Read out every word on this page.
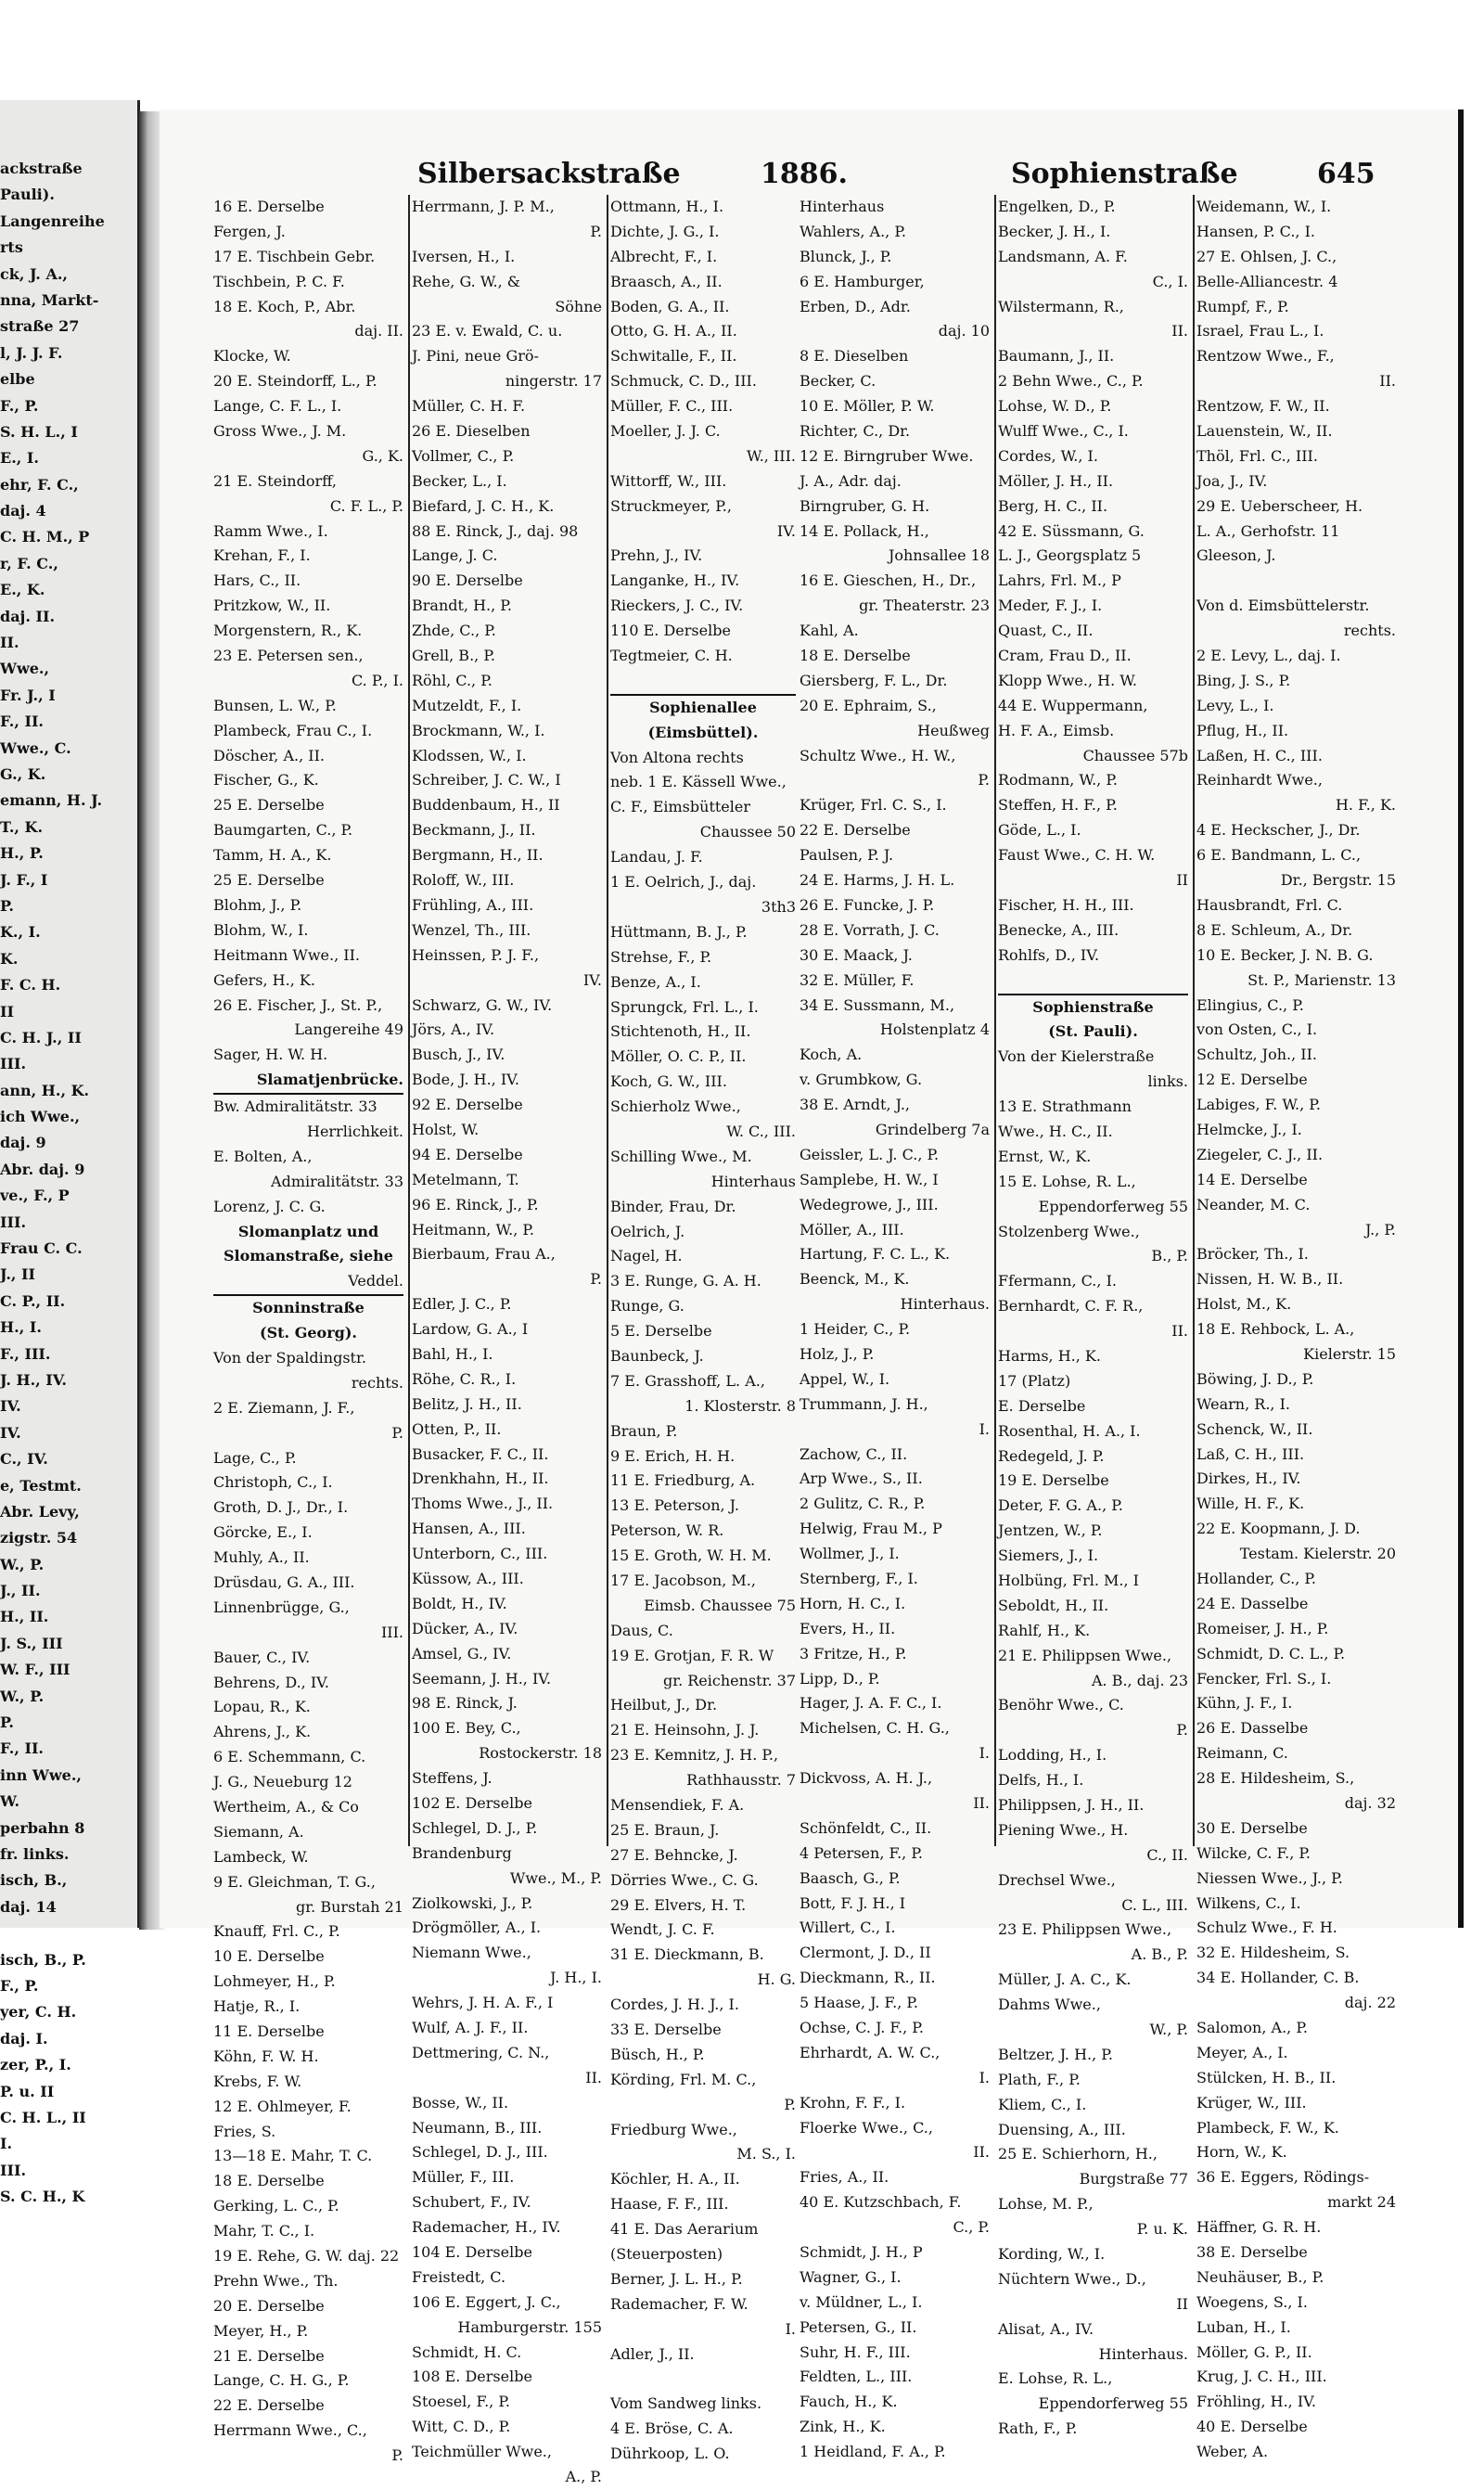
ackstraße
Pauli).
Langenreihe
rts
ck, J. A.,
nna, Markt-
straße 27
l, J. J. F.
elbe
F., P.
S. H. L., I
E., I.
ehr, F. C.,
daj. 4
C. H. M., P
r, F. C.,
E., K.
daj. II.
II.
Wwe.,
Fr. J., I
F., II.
Wwe., C.
G., K.
emann, H. J.
T., K.
H., P.
J. F., I
P.
K., I.
K.
F. C. H.
II
C. H. J., II
III.
ann, H., K.
ich Wwe.,
daj. 9
Abr. daj. 9
ve., F., P
III.
Frau C. C.
J., II
C. P., II.
H., I.
F., III.
J. H., IV.
IV.
IV.
C., IV.
e, Testmt.
Abr. Levy,
zigstr. 54
W., P.
J., II.
H., II.
J. S., III
W. F., III
W., P.
P.
F., II.
inn Wwe.,
W.
perbahn 8
fr. links.
isch, B.,
daj. 14
isch, B., P.
F., P.
yer, C. H.
daj. I.
zer, P., I.
P. u. II
C. H. L., II
I.
III.
S. C. H., K
Silbersackstraße	1886.	Sophienstraße	645
16 E. Derselbe
Fergen, J.
17 E. Tischbein Gebr.
Tischbein, P. C. F.
18 E. Koch, P., Abr.
daj. II.
Klocke, W.
20 E. Steindorff, L., P.
Lange, C. F. L., I.
Gross Wwe., J. M.
G., K.
21 E. Steindorff,
C. F. L., P.
Ramm Wwe., I.
Krehan, F., I.
Hars, C., II.
Pritzkow, W., II.
Morgenstern, R., K.
23 E. Petersen sen.,
C. P., I.
Bunsen, L. W., P.
Plambeck, Frau C., I.
Döscher, A., II.
Fischer, G., K.
25 E. Derselbe
Baumgarten, C., P.
Tamm, H. A., K.
25 E. Derselbe
Blohm, J., P.
Blohm, W., I.
Heitmann Wwe., II.
Gefers, H., K.
26 E. Fischer, J., St. P.,
Langereihe 49
Sager, H. W. H.
Slamatjenbrücke.
Bw. Admiralitätstr. 33
Herrlichkeit.
E. Bolten, A.,
Admiralitätstr. 33
Lorenz, J. C. G.
Slomanplatz und
Slomanstraße, siehe
Veddel.
Sonninstraße
(St. Georg).
Von der Spaldingstr.
rechts.
2 E. Ziemann, J. F.,
P.
Lage, C., P.
Christoph, C., I.
Groth, D. J., Dr., I.
Görcke, E., I.
Muhly, A., II.
Drüsdau, G. A., III.
Linnenbrügge, G.,
III.
Bauer, C., IV.
Behrens, D., IV.
Lopau, R., K.
Ahrens, J., K.
6 E. Schemmann, C.
J. G., Neueburg 12
Wertheim, A., & Co
Siemann, A.
Lambeck, W.
9 E. Gleichman, T. G.,
gr. Burstah 21
Knauff, Frl. C., P.
10 E. Derselbe
Lohmeyer, H., P.
Hatje, R., I.
11 E. Derselbe
Köhn, F. W. H.
Krebs, F. W.
12 E. Ohlmeyer, F.
Fries, S.
13—18 E. Mahr, T. C.
18 E. Derselbe
Gerking, L. C., P.
Mahr, T. C., I.
19 E. Rehe, G. W. daj. 22
Prehn Wwe., Th.
20 E. Derselbe
Meyer, H., P.
21 E. Derselbe
Lange, C. H. G., P.
22 E. Derselbe
Herrmann Wwe., C.,
P.
Herrmann, J. P. M.,
P.
Iversen, H., I.
Rehe, G. W., &
Söhne
23 E. v. Ewald, C. u.
J. Pini, neue Grö-
ningerstr. 17
Müller, C. H. F.
26 E. Dieselben
Vollmer, C., P.
Becker, L., I.
Biefard, J. C. H., K.
88 E. Rinck, J., daj. 98
Lange, J. C.
90 E. Derselbe
Brandt, H., P.
Zhde, C., P.
Grell, B., P.
Röhl, C., P.
Mutzeldt, F., I.
Brockmann, W., I.
Klodssen, W., I.
Schreiber, J. C. W., I
Buddenbaum, H., II
Beckmann, J., II.
Bergmann, H., II.
Roloff, W., III.
Frühling, A., III.
Wenzel, Th., III.
Heinssen, P. J. F.,
IV.
Schwarz, G. W., IV.
Jörs, A., IV.
Busch, J., IV.
Bode, J. H., IV.
92 E. Derselbe
Holst, W.
94 E. Derselbe
Metelmann, T.
96 E. Rinck, J., P.
Heitmann, W., P.
Bierbaum, Frau A.,
P.
Edler, J. C., P.
Lardow, G. A., I
Bahl, H., I.
Röhe, C. R., I.
Belitz, J. H., II.
Otten, P., II.
Busacker, F. C., II.
Drenkhahn, H., II.
Thoms Wwe., J., II.
Hansen, A., III.
Unterborn, C., III.
Küssow, A., III.
Boldt, H., IV.
Dücker, A., IV.
Amsel, G., IV.
Seemann, J. H., IV.
98 E. Rinck, J.
100 E. Bey, C.,
Rostockerstr. 18
Steffens, J.
102 E. Derselbe
Schlegel, D. J., P.
Brandenburg
Wwe., M., P.
Ziolkowski, J., P.
Drögmöller, A., I.
Niemann Wwe.,
J. H., I.
Wehrs, J. H. A. F., I
Wulf, A. J. F., II.
Dettmering, C. N.,
II.
Bosse, W., II.
Neumann, B., III.
Schlegel, D. J., III.
Müller, F., III.
Schubert, F., IV.
Rademacher, H., IV.
104 E. Derselbe
Freistedt, C.
106 E. Eggert, J. C.,
Hamburgerstr. 155
Schmidt, H. C.
108 E. Derselbe
Stoesel, F., P.
Witt, C. D., P.
Teichmüller Wwe.,
A., P.
Ottmann, H., I.
Dichte, J. G., I.
Albrecht, F., I.
Braasch, A., II.
Boden, G. A., II.
Otto, G. H. A., II.
Schwitalle, F., II.
Schmuck, C. D., III.
Müller, F. C., III.
Moeller, J. J. C.
W., III.
Wittorff, W., III.
Struckmeyer, P.,
IV.
Prehn, J., IV.
Langanke, H., IV.
Rieckers, J. C., IV.
110 E. Derselbe
Tegtmeier, C. H.
Sophienallee
(Eimsbüttel).
Von Altona rechts
neb. 1 E. Kässell Wwe.,
C. F., Eimsbütteler
Chaussee 50
Landau, J. F.
1 E. Oelrich, J., daj.
3th3
Hüttmann, B. J., P.
Strehse, F., P.
Benze, A., I.
Sprungck, Frl. L., I.
Stichtenoth, H., II.
Möller, O. C. P., II.
Koch, G. W., III.
Schierholz Wwe.,
W. C., III.
Schilling Wwe., M.
Hinterhaus
Binder, Frau, Dr.
Oelrich, J.
Nagel, H.
3 E. Runge, G. A. H.
Runge, G.
5 E. Derselbe
Baunbeck, J.
7 E. Grasshoff, L. A.,
1. Klosterstr. 8
Braun, P.
9 E. Erich, H. H.
11 E. Friedburg, A.
13 E. Peterson, J.
Peterson, W. R.
15 E. Groth, W. H. M.
17 E. Jacobson, M.,
Eimsb. Chaussee 75
Daus, C.
19 E. Grotjan, F. R. W
gr. Reichenstr. 37
Heilbut, J., Dr.
21 E. Heinsohn, J. J.
23 E. Kemnitz, J. H. P.,
Rathhausstr. 7
Mensendiek, F. A.
25 E. Braun, J.
27 E. Behncke, J.
Dörries Wwe., C. G.
29 E. Elvers, H. T.
Wendt, J. C. F.
31 E. Dieckmann, B.
H. G.
Cordes, J. H. J., I.
33 E. Derselbe
Büsch, H., P.
Körding, Frl. M. C.,
P.
Friedburg Wwe.,
M. S., I.
Köchler, H. A., II.
Haase, F. F., III.
41 E. Das Aerarium
(Steuerposten)
Berner, J. L. H., P.
Rademacher, F. W.
I.
Adler, J., II.
Vom Sandweg links.
4 E. Bröse, C. A.
Dührkoop, L. O.
Hinterhaus
Wahlers, A., P.
Blunck, J., P.
6 E. Hamburger,
Erben, D., Adr.
daj. 10
8 E. Dieselben
Becker, C.
10 E. Möller, P. W.
Richter, C., Dr.
12 E. Birngruber Wwe.
J. A., Adr. daj.
Birngruber, G. H.
14 E. Pollack, H.,
Johnsallee 18
16 E. Gieschen, H., Dr.,
gr. Theaterstr. 23
Kahl, A.
18 E. Derselbe
Giersberg, F. L., Dr.
20 E. Ephraim, S.,
Heußweg
Schultz Wwe., H. W.,
P.
Krüger, Frl. C. S., I.
22 E. Derselbe
Paulsen, P. J.
24 E. Harms, J. H. L.
26 E. Funcke, J. P.
28 E. Vorrath, J. C.
30 E. Maack, J.
32 E. Müller, F.
34 E. Sussmann, M.,
Holstenplatz 4
Koch, A.
v. Grumbkow, G.
38 E. Arndt, J.,
Grindelberg 7a
Geissler, L. J. C., P.
Samplebe, H. W., I
Wedegrowe, J., III.
Möller, A., III.
Hartung, F. C. L., K.
Beenck, M., K.
Hinterhaus.
1 Heider, C., P.
Holz, J., P.
Appel, W., I.
Trummann, J. H.,
I.
Zachow, C., II.
Arp Wwe., S., II.
2 Gulitz, C. R., P.
Helwig, Frau M., P
Wollmer, J., I.
Sternberg, F., I.
Horn, H. C., I.
Evers, H., II.
3 Fritze, H., P.
Lipp, D., P.
Hager, J. A. F. C., I.
Michelsen, C. H. G.,
I.
Dickvoss, A. H. J.,
II.
Schönfeldt, C., II.
4 Petersen, F., P.
Baasch, G., P.
Bott, F. J. H., I
Willert, C., I.
Clermont, J. D., II
Dieckmann, R., II.
5 Haase, J. F., P.
Ochse, C. J. F., P.
Ehrhardt, A. W. C.,
I.
Krohn, F. F., I.
Floerke Wwe., C.,
II.
Fries, A., II.
40 E. Kutzschbach, F.
C., P.
Schmidt, J. H., P
Wagner, G., I.
v. Müldner, L., I.
Petersen, G., II.
Suhr, H. F., III.
Feldten, L., III.
Fauch, H., K.
Zink, H., K.
1 Heidland, F. A., P.
Engelken, D., P.
Becker, J. H., I.
Landsmann, A. F.
C., I.
Wilstermann, R.,
II.
Baumann, J., II.
2 Behn Wwe., C., P.
Lohse, W. D., P.
Wulff Wwe., C., I.
Cordes, W., I.
Möller, J. H., II.
Berg, H. C., II.
42 E. Süssmann, G.
L. J., Georgsplatz 5
Lahrs, Frl. M., P
Meder, F. J., I.
Quast, C., II.
Cram, Frau D., II.
Klopp Wwe., H. W.
44 E. Wuppermann,
H. F. A., Eimsb.
Chaussee 57b
Rodmann, W., P.
Steffen, H. F., P.
Göde, L., I.
Faust Wwe., C. H. W.
II
Fischer, H. H., III.
Benecke, A., III.
Rohlfs, D., IV.
Sophienstraße
(St. Pauli).
Von der Kielerstraße
links.
13 E. Strathmann
Wwe., H. C., II.
Ernst, W., K.
15 E. Lohse, R. L.,
Eppendorferweg 55
Stolzenberg Wwe.,
B., P.
Ffermann, C., I.
Bernhardt, C. F. R.,
II.
Harms, H., K.
17 (Platz)
E. Derselbe
Rosenthal, H. A., I.
Redegeld, J. P.
19 E. Derselbe
Deter, F. G. A., P.
Jentzen, W., P.
Siemers, J., I.
Holbüng, Frl. M., I
Seboldt, H., II.
Rahlf, H., K.
21 E. Philippsen Wwe.,
A. B., daj. 23
Benöhr Wwe., C.
P.
Lodding, H., I.
Delfs, H., I.
Philippsen, J. H., II.
Piening Wwe., H.
C., II.
Drechsel Wwe.,
C. L., III.
23 E. Philippsen Wwe.,
A. B., P.
Müller, J. A. C., K.
Dahms Wwe.,
W., P.
Beltzer, J. H., P.
Plath, F., P.
Kliem, C., I.
Duensing, A., III.
25 E. Schierhorn, H.,
Burgstraße 77
Lohse, M. P.,
P. u. K.
Kording, W., I.
Nüchtern Wwe., D.,
II
Alisat, A., IV.
Hinterhaus.
E. Lohse, R. L.,
Eppendorferweg 55
Rath, F., P.
Weidemann, W., I.
Hansen, P. C., I.
27 E. Ohlsen, J. C.,
Belle-Alliancestr. 4
Rumpf, F., P.
Israel, Frau L., I.
Rentzow Wwe., F.,
II.
Rentzow, F. W., II.
Lauenstein, W., II.
Thöl, Frl. C., III.
Joa, J., IV.
29 E. Ueberscheer, H.
L. A., Gerhofstr. 11
Gleeson, J.
Von d. Eimsbüttelerstr.
rechts.
2 E. Levy, L., daj. I.
Bing, J. S., P.
Levy, L., I.
Pflug, H., II.
Laßen, H. C., III.
Reinhardt Wwe.,
H. F., K.
4 E. Heckscher, J., Dr.
6 E. Bandmann, L. C.,
Dr., Bergstr. 15
Hausbrandt, Frl. C.
8 E. Schleum, A., Dr.
10 E. Becker, J. N. B. G.
St. P., Marienstr. 13
Elingius, C., P.
von Osten, C., I.
Schultz, Joh., II.
12 E. Derselbe
Labiges, F. W., P.
Helmcke, J., I.
Ziegeler, C. J., II.
14 E. Derselbe
Neander, M. C.
J., P.
Bröcker, Th., I.
Nissen, H. W. B., II.
Holst, M., K.
18 E. Rehbock, L. A.,
Kielerstr. 15
Böwing, J. D., P.
Wearn, R., I.
Schenck, W., II.
Laß, C. H., III.
Dirkes, H., IV.
Wille, H. F., K.
22 E. Koopmann, J. D.
Testam. Kielerstr. 20
Hollander, C., P.
24 E. Dasselbe
Romeiser, J. H., P.
Schmidt, D. C. L., P.
Fencker, Frl. S., I.
Kühn, J. F., I.
26 E. Dasselbe
Reimann, C.
28 E. Hildesheim, S.,
daj. 32
30 E. Derselbe
Wilcke, C. F., P.
Niessen Wwe., J., P.
Wilkens, C., I.
Schulz Wwe., F. H.
32 E. Hildesheim, S.
34 E. Hollander, C. B.
daj. 22
Salomon, A., P.
Meyer, A., I.
Stülcken, H. B., II.
Krüger, W., III.
Plambeck, F. W., K.
Horn, W., K.
36 E. Eggers, Rödings-
markt 24
Häffner, G. R. H.
38 E. Derselbe
Neuhäuser, B., P.
Woegens, S., I.
Luban, H., I.
Möller, G. P., II.
Krug, J. C. H., III.
Fröhling, H., IV.
40 E. Derselbe
Weber, A.
